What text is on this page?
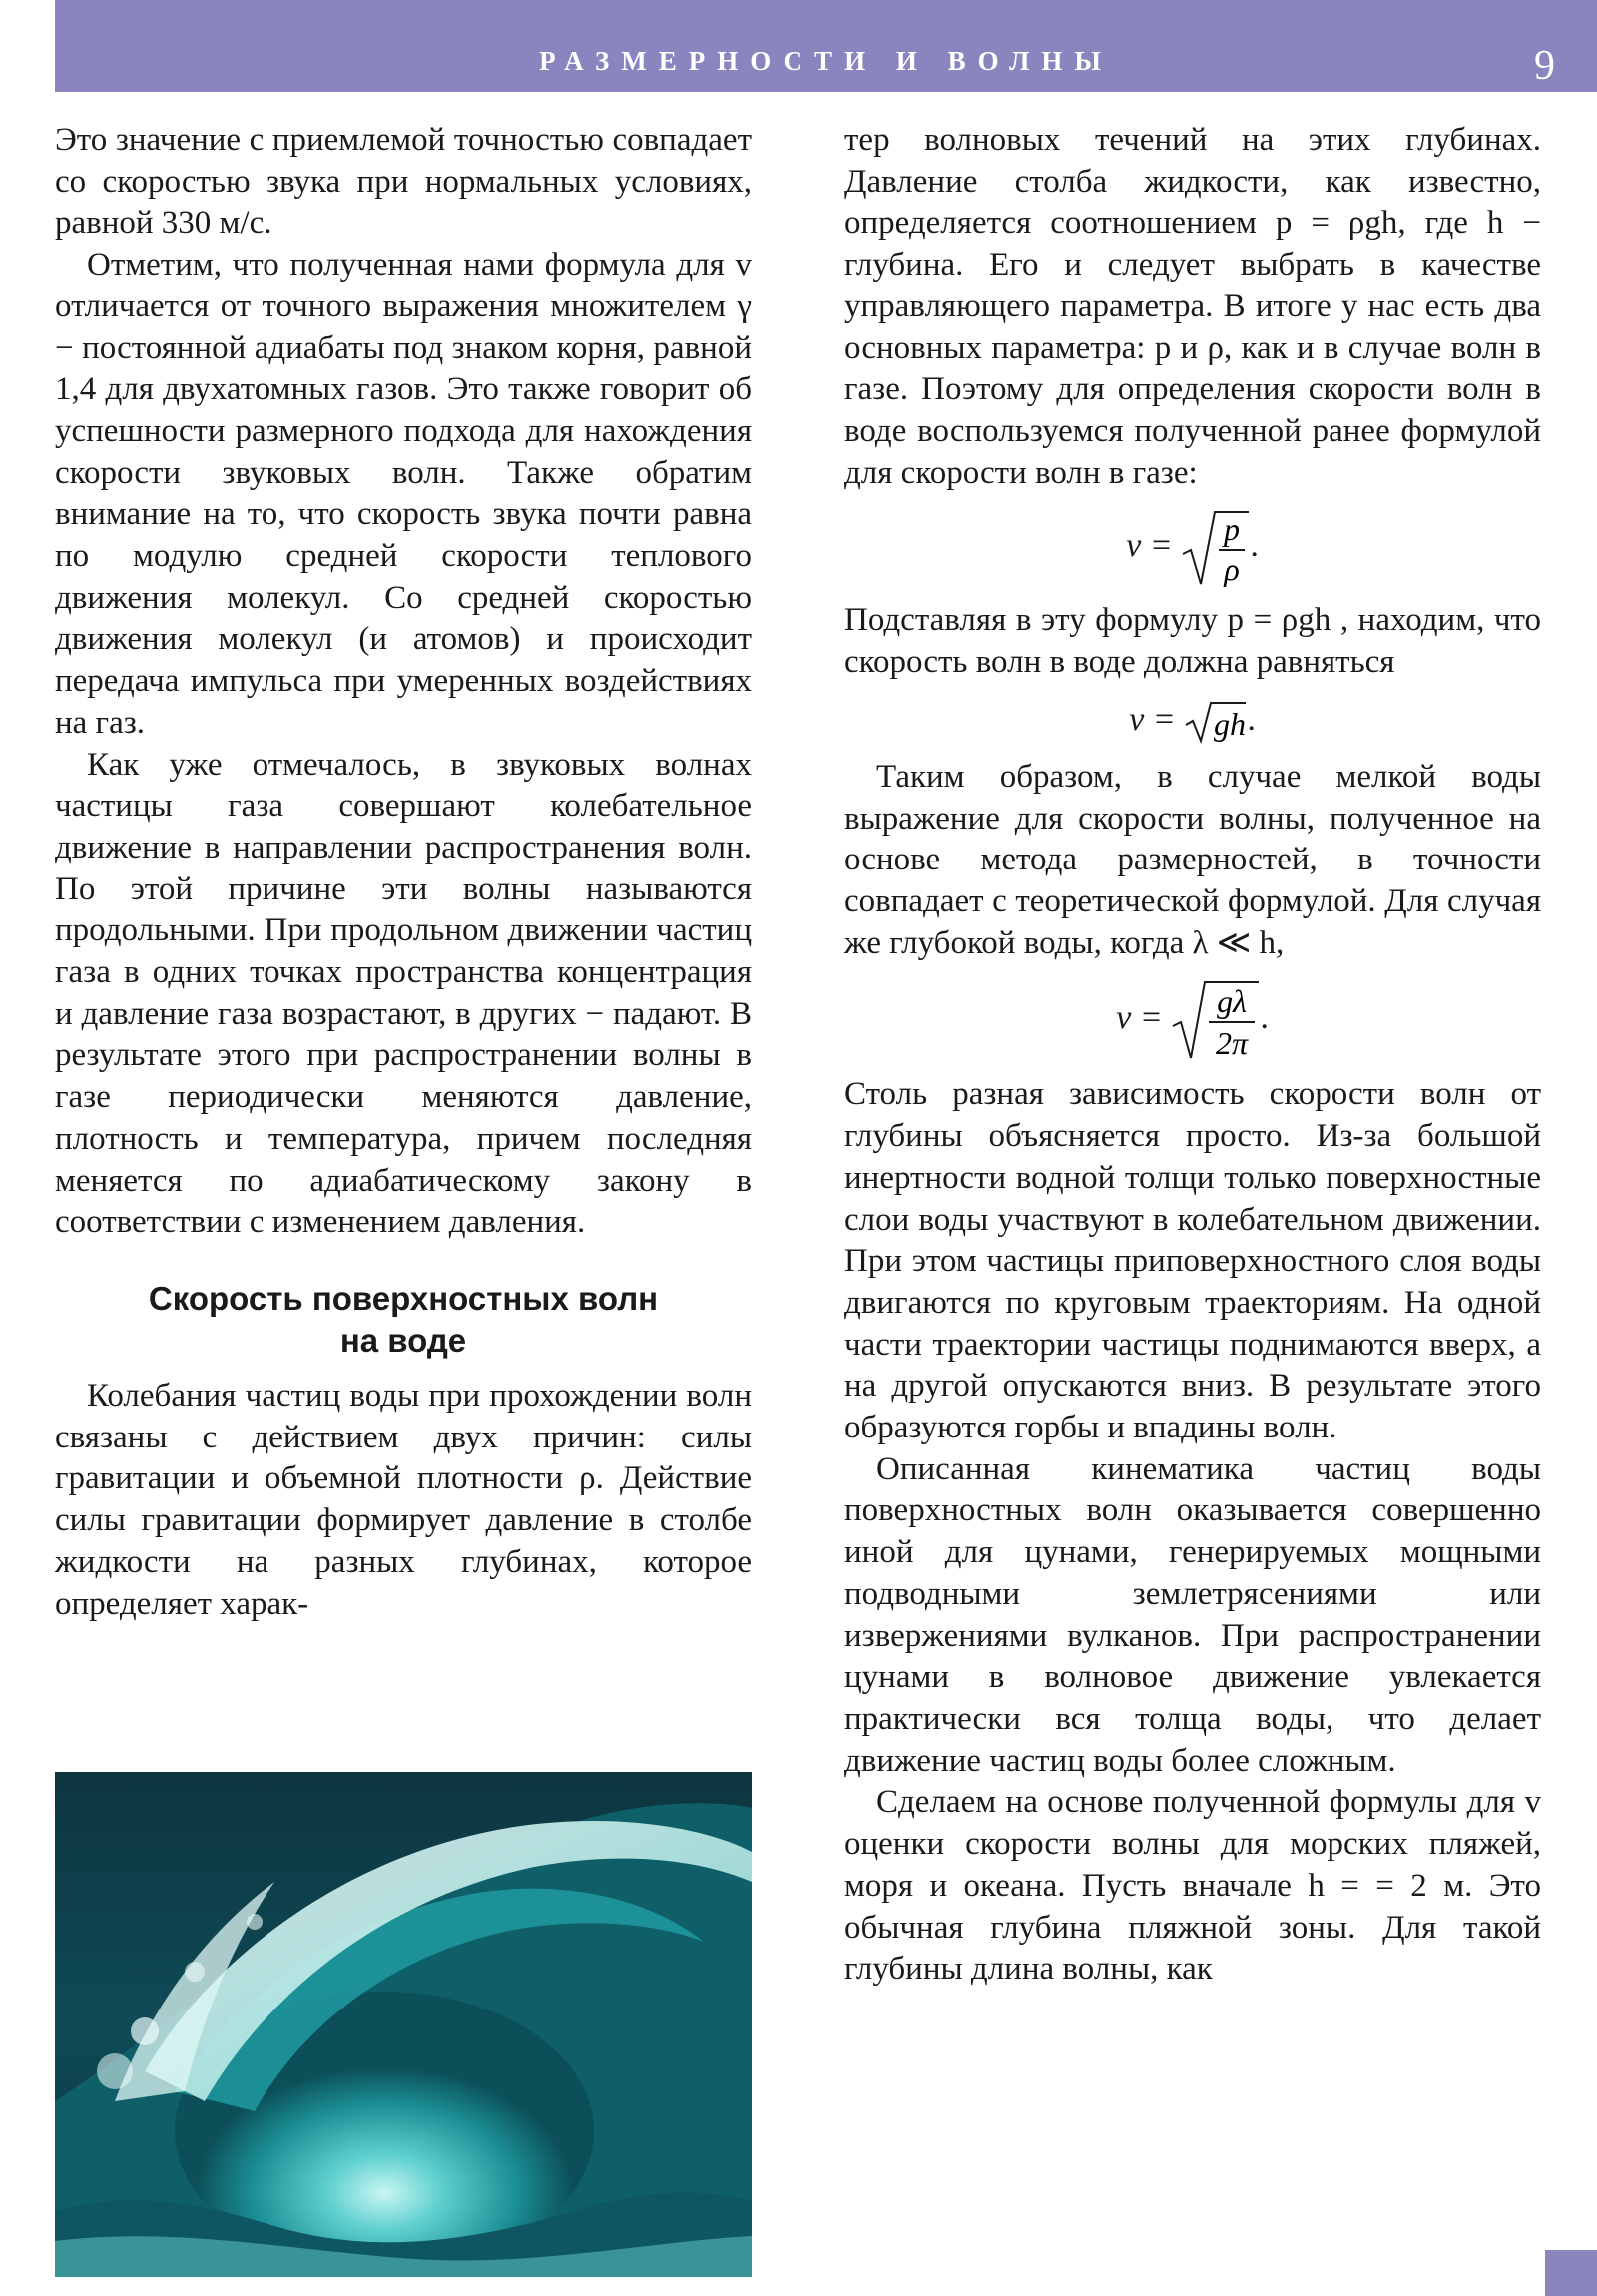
РАЗМЕРНОСТИ И ВОЛНЫ	9

Это значение с приемлемой точностью совпадает со скоростью звука при нормальных условиях, равной 330 м/с.

Отметим, что полученная нами формула для v отличается от точного выражения множителем γ − постоянной адиабаты под знаком корня, равной 1,4 для двухатомных газов. Это также говорит об успешности размерного подхода для нахождения скорости звуковых волн. Также обратим внимание на то, что скорость звука почти равна по модулю средней скорости теплового движения молекул. Со средней скоростью движения молекул (и атомов) и происходит передача импульса при умеренных воздействиях на газ.

Как уже отмечалось, в звуковых волнах частицы газа совершают колебательное движение в направлении распространения волн. По этой причине эти волны называются продольными. При продольном движении частиц газа в одних точках пространства концентрация и давление газа возрастают, в других − падают. В результате этого при распространении волны в газе периодически меняются давление, плотность и температура, причем последняя меняется по адиабатическому закону в соответствии с изменением давления.

Скорость поверхностных волн
на воде

Колебания частиц воды при прохождении волн связаны с действием двух причин: силы гравитации и объемной плотности ρ. Действие силы гравитации формирует давление в столбе жидкости на разных глубинах, которое определяет харак-

тер волновых течений на этих глубинах. Давление столба жидкости, как известно, определяется соотношением p = ρgh, где h − глубина. Его и следует выбрать в качестве управляющего параметра. В итоге у нас есть два основных параметра: p и ρ, как и в случае волн в газе. Поэтому для определения скорости волн в воде воспользуемся полученной ранее формулой для скорости волн в газе:

v = p
ρ
.

Подставляя в эту формулу p = ρgh , находим, что скорость волн в воде должна равняться

v = gh .

Таким образом, в случае мелкой воды выражение для скорости волны, полученное на основе метода размерностей, в точности совпадает с теоретической формулой. Для случая же глубокой воды, когда λ ≪ h,

v = gλ
2π
.

Столь разная зависимость скорости волн от глубины объясняется просто. Из-за большой инертности водной толщи только поверхностные слои воды участвуют в колебательном движении. При этом частицы приповерхностного слоя воды двигаются по круговым траекториям. На одной части траектории частицы поднимаются вверх, а на другой опускаются вниз. В результате этого образуются горбы и впадины волн.

Описанная кинематика частиц воды поверхностных волн оказывается совершенно иной для цунами, генерируемых мощными подводными землетрясениями или извержениями вулканов. При распространении цунами в волновое движение увлекается практически вся толща воды, что делает движение частиц воды более сложным.

Сделаем на основе полученной формулы для v оценки скорости волны для морских пляжей, моря и океана. Пусть вначале h = = 2 м. Это обычная глубина пляжной зоны. Для такой глубины длина волны, как
